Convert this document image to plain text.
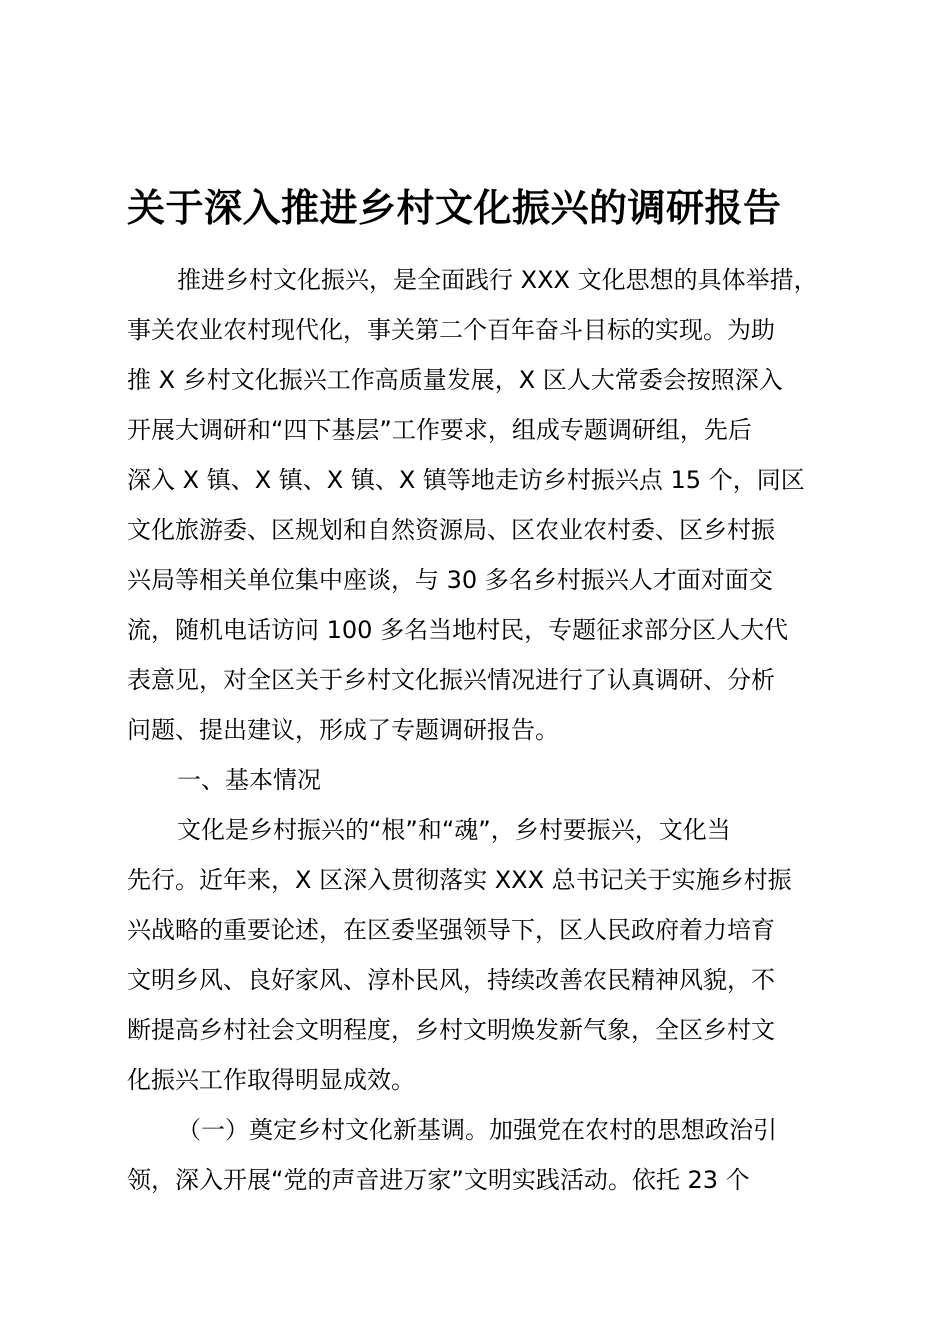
关于深入推进乡村文化振兴的调研报告
推进乡村文化振兴，是全面践行 XXX 文化思想的具体举措，
事关农业农村现代化，事关第二个百年奋斗目标的实现。为助
推 X 乡村文化振兴工作高质量发展，X 区人大常委会按照深入
开展大调研和“四下基层”工作要求，组成专题调研组，先后
深入 X 镇、X 镇、X 镇、X 镇等地走访乡村振兴点 15 个，同区
文化旅游委、区规划和自然资源局、区农业农村委、区乡村振
兴局等相关单位集中座谈，与 30 多名乡村振兴人才面对面交
流，随机电话访问 100 多名当地村民，专题征求部分区人大代
表意见，对全区关于乡村文化振兴情况进行了认真调研、分析
问题、提出建议，形成了专题调研报告。
一、基本情况
文化是乡村振兴的“根”和“魂”，乡村要振兴，文化当
先行。近年来，X 区深入贯彻落实 XXX 总书记关于实施乡村振
兴战略的重要论述，在区委坚强领导下，区人民政府着力培育
文明乡风、良好家风、淳朴民风，持续改善农民精神风貌，不
断提高乡村社会文明程度，乡村文明焕发新气象，全区乡村文
化振兴工作取得明显成效。
（一）奠定乡村文化新基调。加强党在农村的思想政治引
领，深入开展“党的声音进万家”文明实践活动。依托 23 个
